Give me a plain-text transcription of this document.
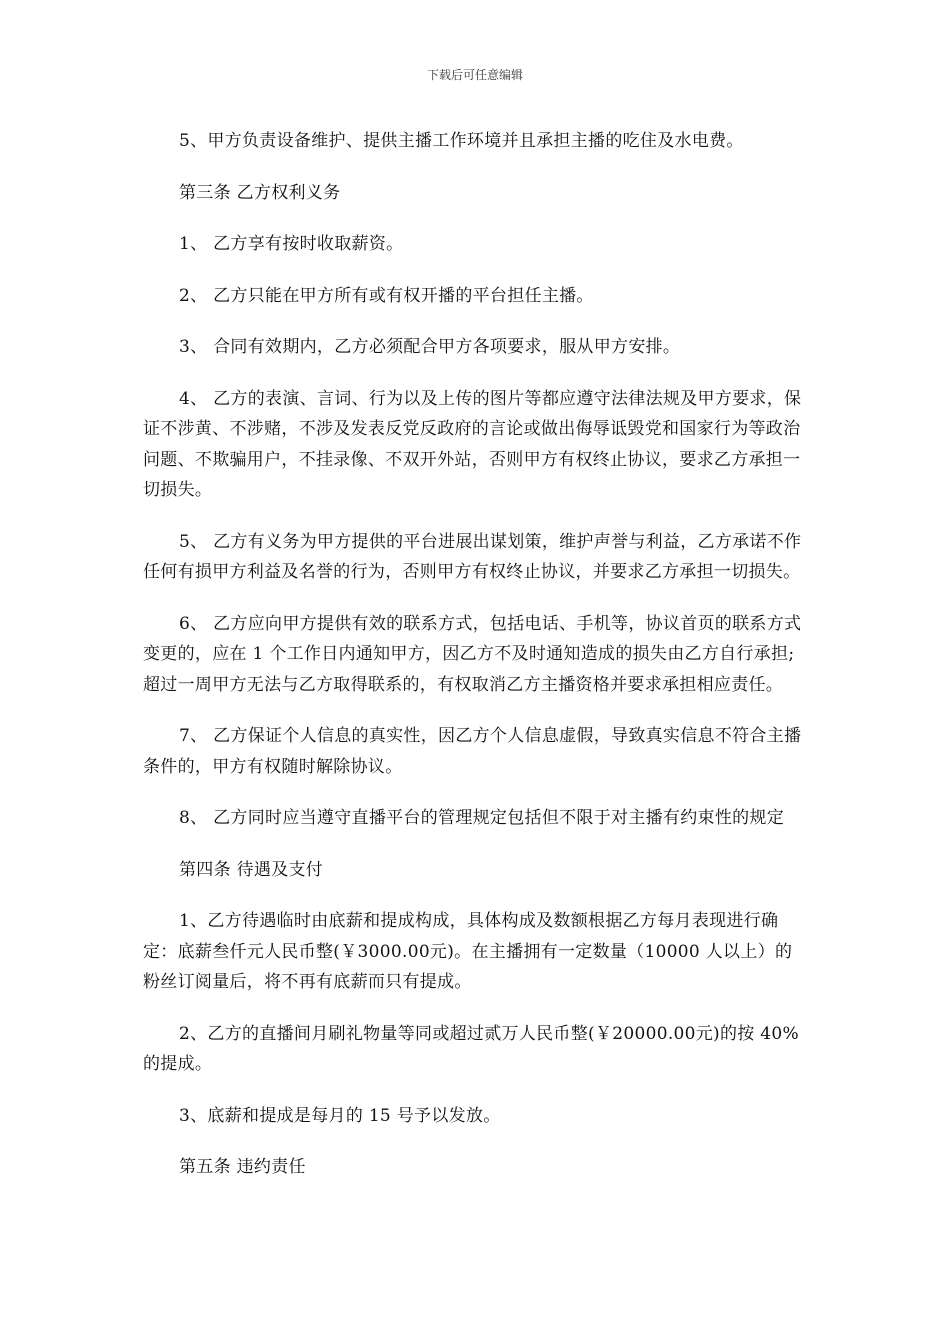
下载后可任意编辑

5、甲方负责设备维护、提供主播工作环境并且承担主播的吃住及水电费。

第三条 乙方权利义务

1、 乙方享有按时收取薪资。

2、 乙方只能在甲方所有或有权开播的平台担任主播。

3、 合同有效期内，乙方必须配合甲方各项要求，服从甲方安排。

4、 乙方的表演、言词、行为以及上传的图片等都应遵守法律法规及甲方要求，保证不涉黄、不涉赌，不涉及发表反党反政府的言论或做出侮辱诋毁党和国家行为等政治问题、不欺骗用户，不挂录像、不双开外站，否则甲方有权终止协议，要求乙方承担一切损失。

5、 乙方有义务为甲方提供的平台进展出谋划策，维护声誉与利益，乙方承诺不作任何有损甲方利益及名誉的行为，否则甲方有权终止协议，并要求乙方承担一切损失。

6、 乙方应向甲方提供有效的联系方式，包括电话、手机等，协议首页的联系方式变更的，应在 1 个工作日内通知甲方，因乙方不及时通知造成的损失由乙方自行承担;超过一周甲方无法与乙方取得联系的，有权取消乙方主播资格并要求承担相应责任。

7、 乙方保证个人信息的真实性，因乙方个人信息虚假，导致真实信息不符合主播条件的，甲方有权随时解除协议。

8、 乙方同时应当遵守直播平台的管理规定包括但不限于对主播有约束性的规定

第四条 待遇及支付

1、乙方待遇临时由底薪和提成构成，具体构成及数额根据乙方每月表现进行确定：底薪叁仟元人民币整(￥3000.00元)。在主播拥有一定数量（10000 人以上）的粉丝订阅量后，将不再有底薪而只有提成。

2、乙方的直播间月刷礼物量等同或超过贰万人民币整(￥20000.00元)的按 40%的提成。

3、底薪和提成是每月的 15 号予以发放。

第五条 违约责任
